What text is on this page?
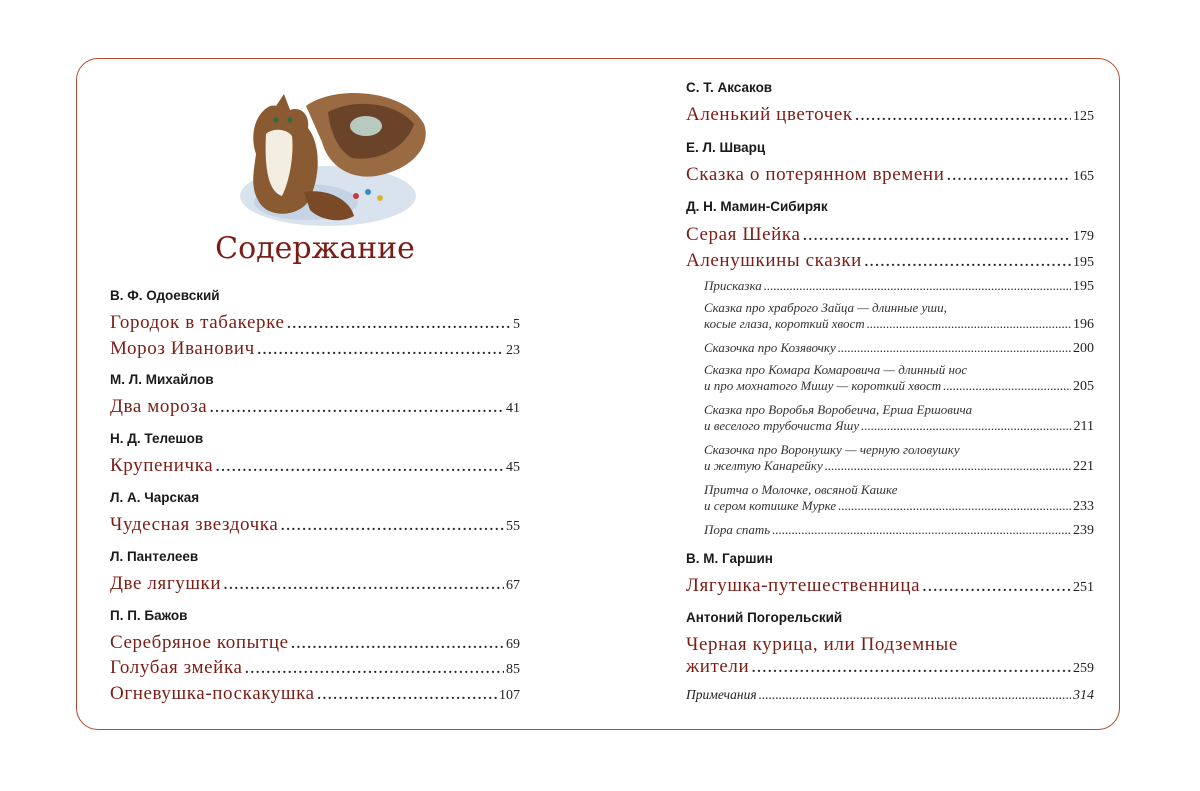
Содержание
В. Ф. Одоевский
Городок в табакерке .....	5
Мороз Иванович .....	23
М. Л. Михайлов
Два мороза .....	41
Н. Д. Телешов
Крупеничка .....	45
Л. А. Чарская
Чудесная звездочка .....	55
Л. Пантелеев
Две лягушки .....	67
П. П. Бажов
Серебряное копытце .....	69
Голубая змейка .....	85
Огневушка-поскакушка .....	107
С. Т. Аксаков
Аленький цветочек .....	125
Е. Л. Шварц
Сказка о потерянном времени .....	165
Д. Н. Мамин-Сибиряк
Серая Шейка .....	179
Аленушкины сказки .....	195
Присказка .....	195
Сказка про храброго Зайца — длинные уши,
косые глаза, короткий хвост .....	196
Сказочка про Козявочку .....	200
Сказка про Комара Комаровича — длинный нос
и про мохнатого Мишу — короткий хвост .....	205
Сказка про Воробья Воробеича, Ерша Ершовича
и веселого трубочиста Яшу .....	211
Сказочка про Воронушку — черную головушку
и желтую Канарейку .....	221
Притча о Молочке, овсяной Кашке
и сером котишке Мурке .....	233
Пора спать .....	239
В. М. Гаршин
Лягушка-путешественница .....	251
Антоний Погорельский
Черная курица, или Подземные
жители .....	259
Примечания .....	314
